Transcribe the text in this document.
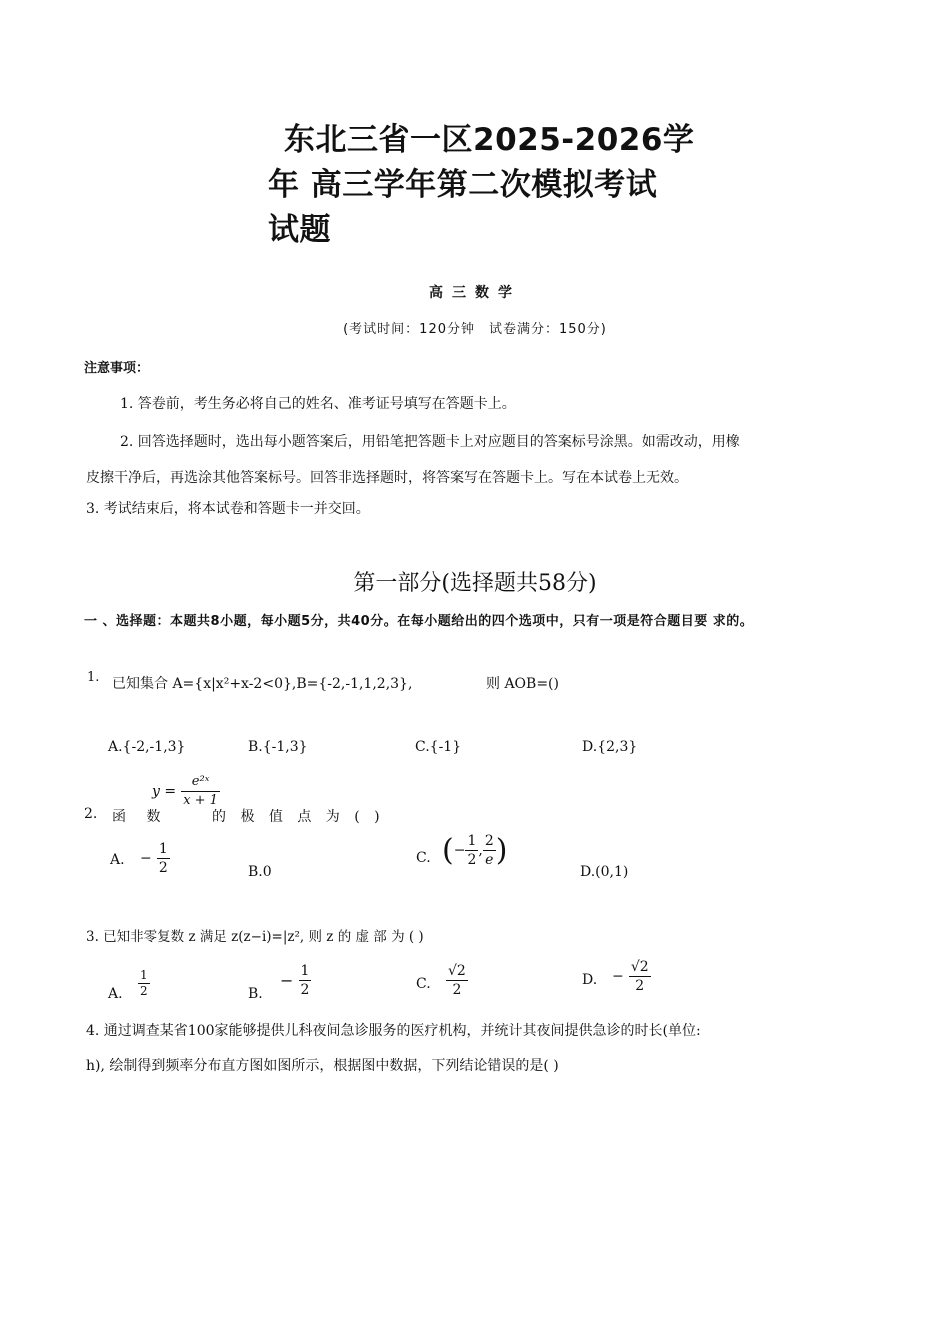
东北三省一区2025-2026学
年 高三学年第二次模拟考试
试题
高三数学
(考试时间：120分钟　试卷满分：150分)
注意事项：
1. 答卷前，考生务必将自己的姓名、准考证号填写在答题卡上。
2. 回答选择题时，选出每小题答案后，用铅笔把答题卡上对应题目的答案标号涂黑。如需改动，用橡
皮擦干净后，再选涂其他答案标号。回答非选择题时，将答案写在答题卡上。写在本试卷上无效。
3. 考试结束后，将本试卷和答题卡一并交回。
第一部分(选择题共58分)
一 、选择题：本题共8小题，每小题5分，共40分。在每小题给出的四个选项中，只有一项是符合题目要 求的。
1. 已知集合 A={x|x²+x-2<0},B={-2,-1,1,2,3},	则 AOB=()
A.{-2,-1,3}	B.{-1,3}	C.{-1}	D.{2,3}
2. 函 数
$y = \frac{\text{e²ˣ}}{x + 1}$
的 极 值 点 为 ( )
A. − $\frac{1}{2}$	B.0
C. (− $\frac{1}{2}$ , $\frac{2}{e}$ )
D.(0,1)
3. 已知非零复数 z 满足 z(z−i)=|z², 则 z 的 虚 部 为 ( )
A. $\frac{1}{2}$	B.
− $\frac{1}{2}$	C. $\frac{√2}{2}$	D. − $\frac{√2}{2}$
4. 通过调查某省100家能够提供儿科夜间急诊服务的医疗机构，并统计其夜间提供急诊的时长(单位:
h), 绘制得到频率分布直方图如图所示，根据图中数据，下列结论错误的是( )
